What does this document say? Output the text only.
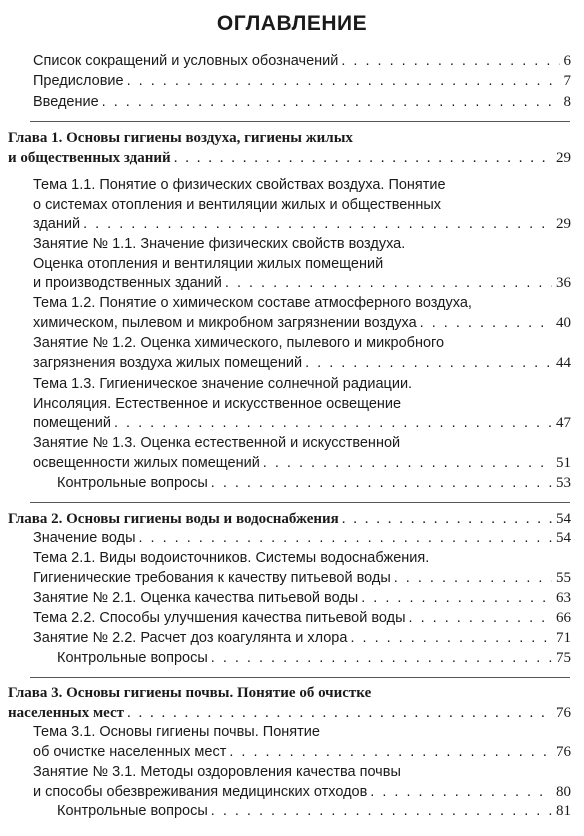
ОГЛАВЛЕНИЕ
Список сокращений и условных обозначений . . .	6
Предисловие . . .	7
Введение . . .	8
Глава 1. Основы гигиены воздуха, гигиены жилых
и общественных зданий . . .	29
Тема 1.1. Понятие о физических свойствах воздуха. Понятие
о системах отопления и вентиляции жилых и общественных
зданий . . .	29
Занятие № 1.1. Значение физических свойств воздуха.
Оценка отопления и вентиляции жилых помещений
и производственных зданий . . .	36
Тема 1.2. Понятие о химическом составе атмосферного воздуха,
химическом, пылевом и микробном загрязнении воздуха . . .	40
Занятие № 1.2. Оценка химического, пылевого и микробного
загрязнения воздуха жилых помещений . . .	44
Тема 1.3. Гигиеническое значение солнечной радиации.
Инсоляция. Естественное и искусственное освещение
помещений . . .	47
Занятие № 1.3. Оценка естественной и искусственной
освещенности жилых помещений . . .	51
Контрольные вопросы . . .	53
Глава 2. Основы гигиены воды и водоснабжения . . .	54
Значение воды . . .	54
Тема 2.1. Виды водоисточников. Системы водоснабжения.
Гигиенические требования к качеству питьевой воды . . .	55
Занятие № 2.1. Оценка качества питьевой воды . . .	63
Тема 2.2. Способы улучшения качества питьевой воды . . .	66
Занятие № 2.2. Расчет доз коагулянта и хлора . . .	71
Контрольные вопросы . . .	75
Глава 3. Основы гигиены почвы. Понятие об очистке
населенных мест . . .	76
Тема 3.1. Основы гигиены почвы. Понятие
об очистке населенных мест . . .	76
Занятие № 3.1. Методы оздоровления качества почвы
и способы обезвреживания медицинских отходов . . .	80
Контрольные вопросы . . .	81
